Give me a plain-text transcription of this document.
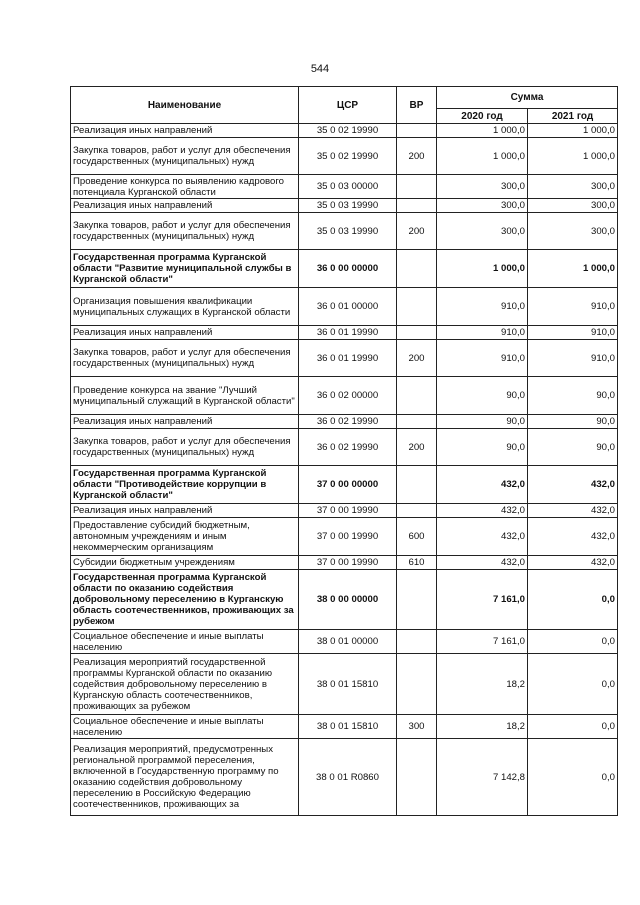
544
Наименование	ЦСР	ВР	Сумма	
			2020 год	2021 год
Реализация иных направлений	35 0 02 19990		1 000,0	1 000,0
Закупка товаров, работ и услуг для обеспечения государственных (муниципальных) нужд	35 0 02 19990	200	1 000,0	1 000,0
Проведение конкурса по выявлению кадрового потенциала Курганской области	35 0 03 00000		300,0	300,0
Реализация иных направлений	35 0 03 19990		300,0	300,0
Закупка товаров, работ и услуг для обеспечения государственных (муниципальных) нужд	35 0 03 19990	200	300,0	300,0
Государственная программа Курганской области "Развитие муниципальной службы в Курганской области"	36 0 00 00000		1 000,0	1 000,0
Организация повышения квалификации муниципальных служащих в Курганской области	36 0 01 00000		910,0	910,0
Реализация иных направлений	36 0 01 19990		910,0	910,0
Закупка товаров, работ и услуг для обеспечения государственных (муниципальных) нужд	36 0 01 19990	200	910,0	910,0
Проведение конкурса на звание "Лучший муниципальный служащий в Курганской области"	36 0 02 00000		90,0	90,0
Реализация иных направлений	36 0 02 19990		90,0	90,0
Закупка товаров, работ и услуг для обеспечения государственных (муниципальных) нужд	36 0 02 19990	200	90,0	90,0
Государственная программа Курганской области "Противодействие коррупции в Курганской области"	37 0 00 00000		432,0	432,0
Реализация иных направлений	37 0 00 19990		432,0	432,0
Предоставление субсидий бюджетным, автономным учреждениям и иным некоммерческим организациям	37 0 00 19990	600	432,0	432,0
Субсидии бюджетным учреждениям	37 0 00 19990	610	432,0	432,0
Государственная программа Курганской области по оказанию содействия добровольному переселению в Курганскую область соотечественников, проживающих за рубежом	38 0 00 00000		7 161,0	0,0
Социальное обеспечение и иные выплаты населению	38 0 01 00000		7 161,0	0,0
Реализация мероприятий государственной программы Курганской области по оказанию содействия добровольному переселению в Курганскую область соотечественников, проживающих за рубежом	38 0 01 15810		18,2	0,0
Социальное обеспечение и иные выплаты населению	38 0 01 15810	300	18,2	0,0
Реализация мероприятий, предусмотренных региональной программой переселения, включенной в Государственную программу по оказанию содействия добровольному переселению в Российскую Федерацию соотечественников, проживающих за	38 0 01 R0860		7 142,8	0,0
